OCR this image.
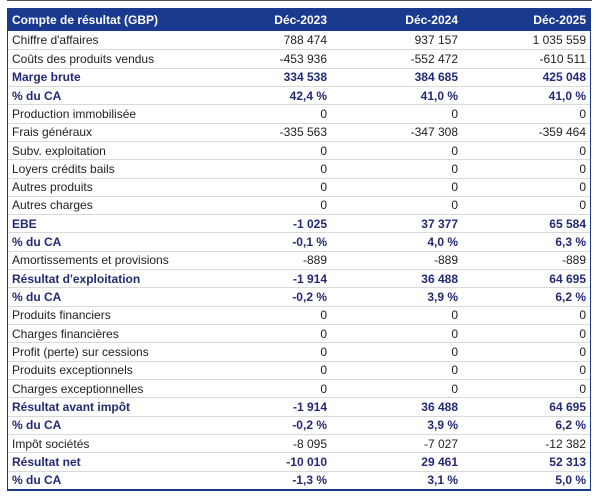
Compte de résultat (GBP)	Déc-2023	Déc-2024	Déc-2025
Chiffre d'affaires	788 474	937 157	1 035 559
Coûts des produits vendus	-453 936	-552 472	-610 511
Marge brute	334 538	384 685	425 048
% du CA	42,4 %	41,0 %	41,0 %
Production immobilisée	0	0	0
Frais généraux	-335 563	-347 308	-359 464
Subv. exploitation	0	0	0
Loyers crédits bails	0	0	0
Autres produits	0	0	0
Autres charges	0	0	0
EBE	-1 025	37 377	65 584
% du CA	-0,1 %	4,0 %	6,3 %
Amortissements et provisions	-889	-889	-889
Résultat d'exploitation	-1 914	36 488	64 695
% du CA	-0,2 %	3,9 %	6,2 %
Produits financiers	0	0	0
Charges financières	0	0	0
Profit (perte) sur cessions	0	0	0
Produits exceptionnels	0	0	0
Charges exceptionnelles	0	0	0
Résultat avant impôt	-1 914	36 488	64 695
% du CA	-0,2 %	3,9 %	6,2 %
Impôt sociétés	-8 095	-7 027	-12 382
Résultat net	-10 010	29 461	52 313
% du CA	-1,3 %	3,1 %	5,0 %
